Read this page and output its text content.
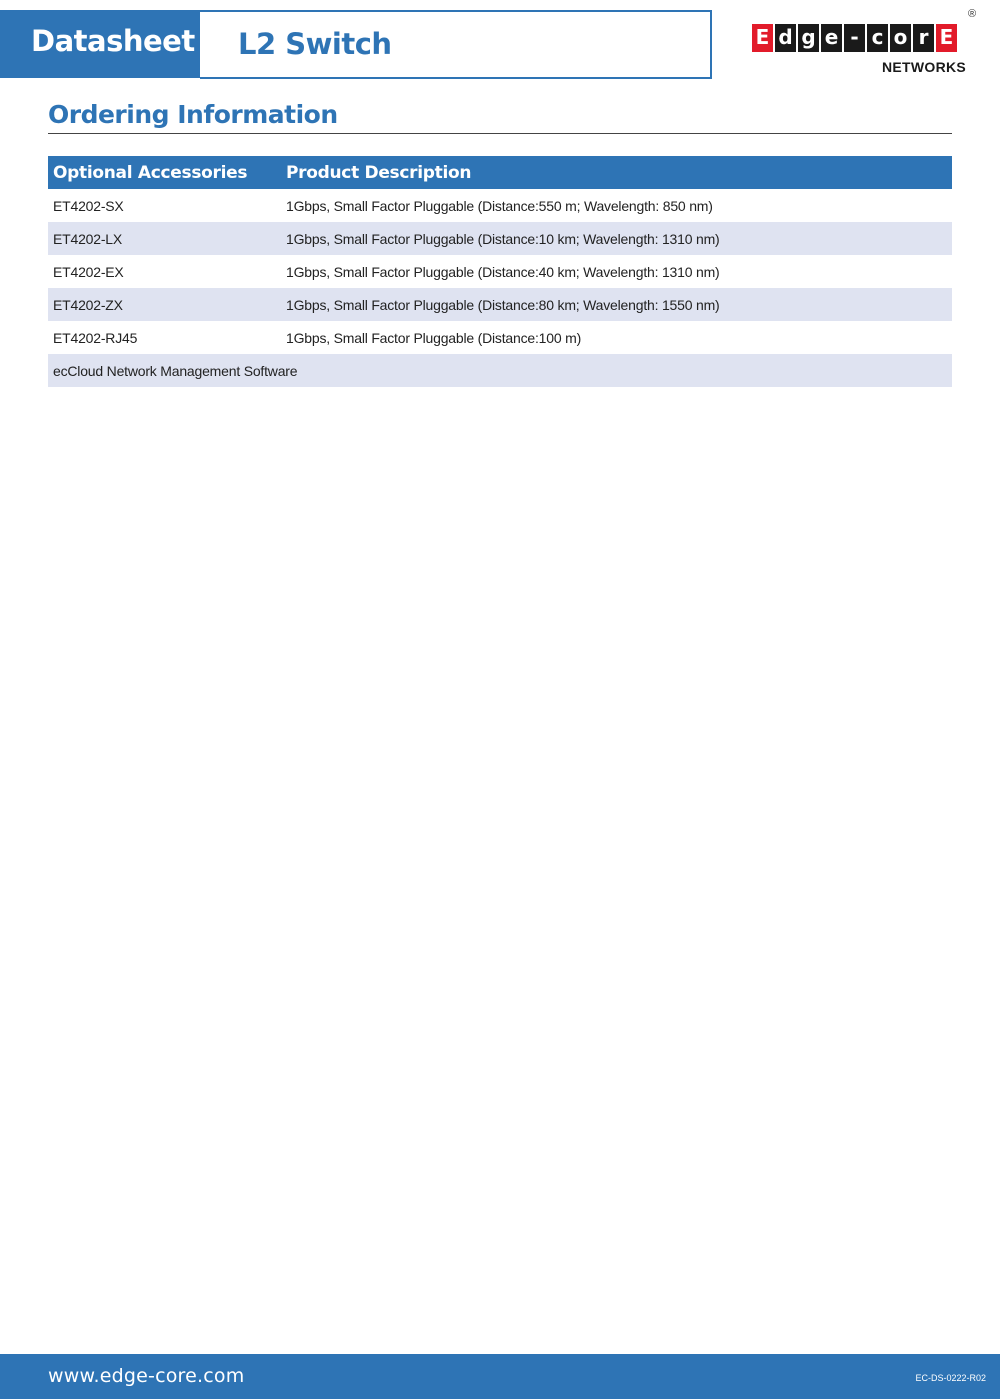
Datasheet L2 Switch	E d g e - c o r E
®
NETWORKS
Ordering Information
Optional Accessories	Product Description
ET4202-SX	1Gbps, Small Factor Pluggable (Distance:550 m; Wavelength: 850 nm)
ET4202-LX	1Gbps, Small Factor Pluggable (Distance:10 km; Wavelength: 1310 nm)
ET4202-EX	1Gbps, Small Factor Pluggable (Distance:40 km; Wavelength: 1310 nm)
ET4202-ZX	1Gbps, Small Factor Pluggable (Distance:80 km; Wavelength: 1550 nm)
ET4202-RJ45	1Gbps, Small Factor Pluggable (Distance:100 m)
ecCloud Network Management Software	
www.edge-core.com	EC-DS-0222-R02
